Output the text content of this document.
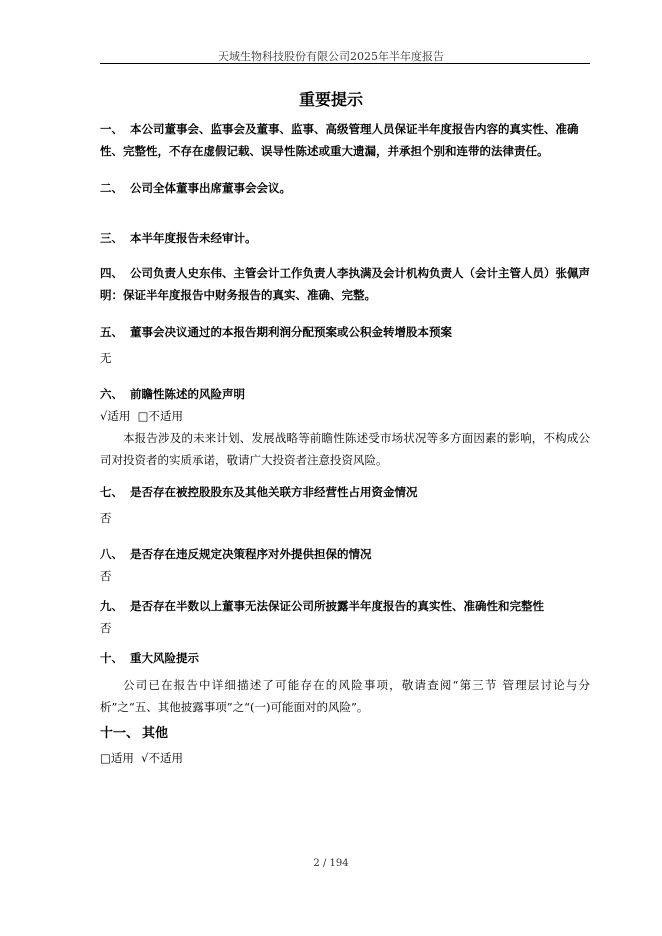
天域生物科技股份有限公司2025年半年度报告
重要提示
一、 本公司董事会、监事会及董事、监事、高级管理人员保证半年度报告内容的真实性、准确性、完整性，不存在虚假记载、误导性陈述或重大遗漏，并承担个别和连带的法律责任。
二、 公司全体董事出席董事会会议。
三、 本半年度报告未经审计。
四、 公司负责人史东伟、主管会计工作负责人李执满及会计机构负责人（会计主管人员）张佩声明：保证半年度报告中财务报告的真实、准确、完整。
五、 董事会决议通过的本报告期利润分配预案或公积金转增股本预案
无
六、 前瞻性陈述的风险声明
√适用  □不适用
本报告涉及的未来计划、发展战略等前瞻性陈述受市场状况等多方面因素的影响，不构成公司对投资者的实质承诺，敬请广大投资者注意投资风险。
七、 是否存在被控股股东及其他关联方非经营性占用资金情况
否
八、 是否存在违反规定决策程序对外提供担保的情况
否
九、 是否存在半数以上董事无法保证公司所披露半年度报告的真实性、准确性和完整性
否
十、 重大风险提示
公司已在报告中详细描述了可能存在的风险事项，敬请查阅“第三节 管理层讨论与分析”之“五、其他披露事项”之“(一)可能面对的风险”。
十一、 其他
□适用  √不适用
2 / 194
